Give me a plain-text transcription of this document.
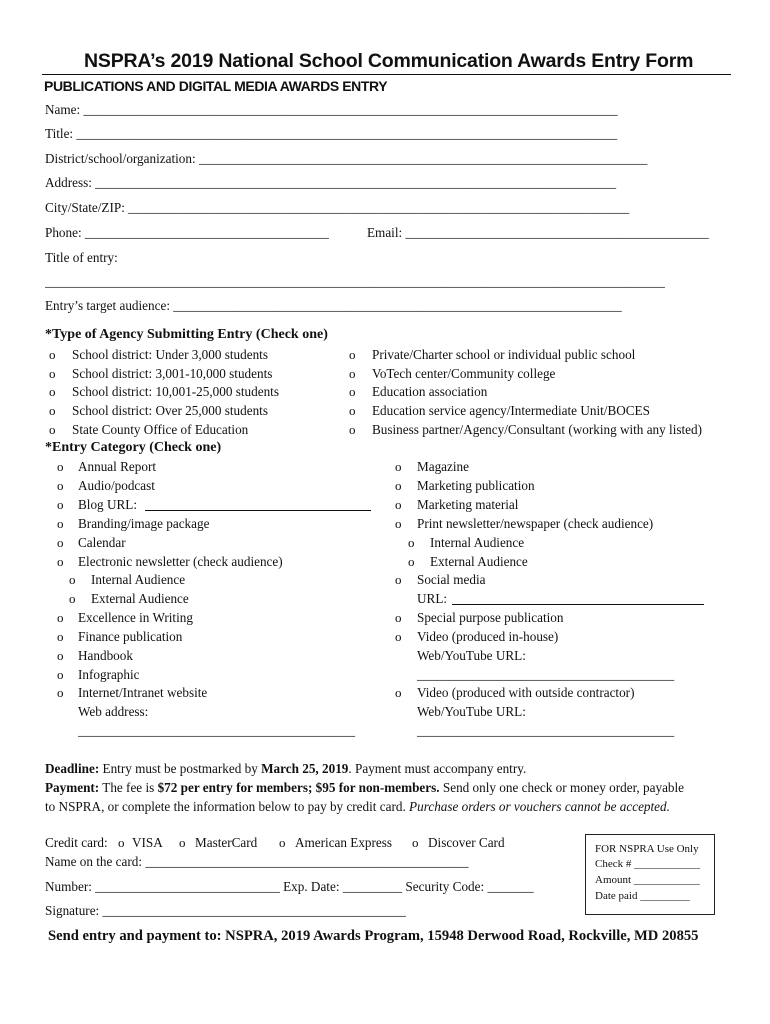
NSPRA’s 2019 National School Communication Awards Entry Form
PUBLICATIONS AND DIGITAL MEDIA AWARDS ENTRY
Name: _________________________________________________________________________________
Title: __________________________________________________________________________________
District/school/organization: ____________________________________________________________________
Address: _______________________________________________________________________________
City/State/ZIP: ____________________________________________________________________________
Phone: _____________________________________	Email: ______________________________________________
Title of entry:
______________________________________________________________________________________________
Entry’s target audience: ____________________________________________________________________
*Type of Agency Submitting Entry (Check one)
*Entry Category (Check one)
o Annual Report
o Audio/podcast
o Blog URL:
o Branding/image package
o Calendar
o Electronic newsletter (check audience)
o Internal Audience
o External Audience
o Excellence in Writing
o Finance publication
o Handbook
o Infographic
o Internet/Intranet website
Web address:
__________________________________________
o Magazine
o Marketing publication
o Marketing material
o Print newsletter/newspaper (check audience)
o Internal Audience
o External Audience
o Social media
URL:
o Special purpose publication
o Video (produced in-house)
Web/YouTube URL:
_______________________________________
o Video (produced with outside contractor)
Web/YouTube URL:
_______________________________________
Deadline: Entry must be postmarked by March 25, 2019. Payment must accompany entry.
Payment: The fee is $72 per entry for members; $95 for non-members. Send only one check or money order, payable
to NSPRA, or complete the information below to pay by credit card. Purchase orders or vouchers cannot be accepted.
Credit card: o VISA o MasterCard o American Express o Discover Card
Name on the card: _________________________________________________
Number: ____________________________ Exp. Date: _________ Security Code: _______
Signature: ______________________________________________
FOR NSPRA Use Only
Check # ____________
Amount ____________
Date paid _________
Send entry and payment to: NSPRA, 2019 Awards Program, 15948 Derwood Road, Rockville, MD 20855
o School district: Under 3,000 students
o School district: 3,001-10,000 students
o School district: 10,001-25,000 students
o School district: Over 25,000 students
o State County Office of Education
o Private/Charter school or individual public school
o VoTech center/Community college
o Education association
o Education service agency/Intermediate Unit/BOCES
o Business partner/Agency/Consultant (working with any listed)
